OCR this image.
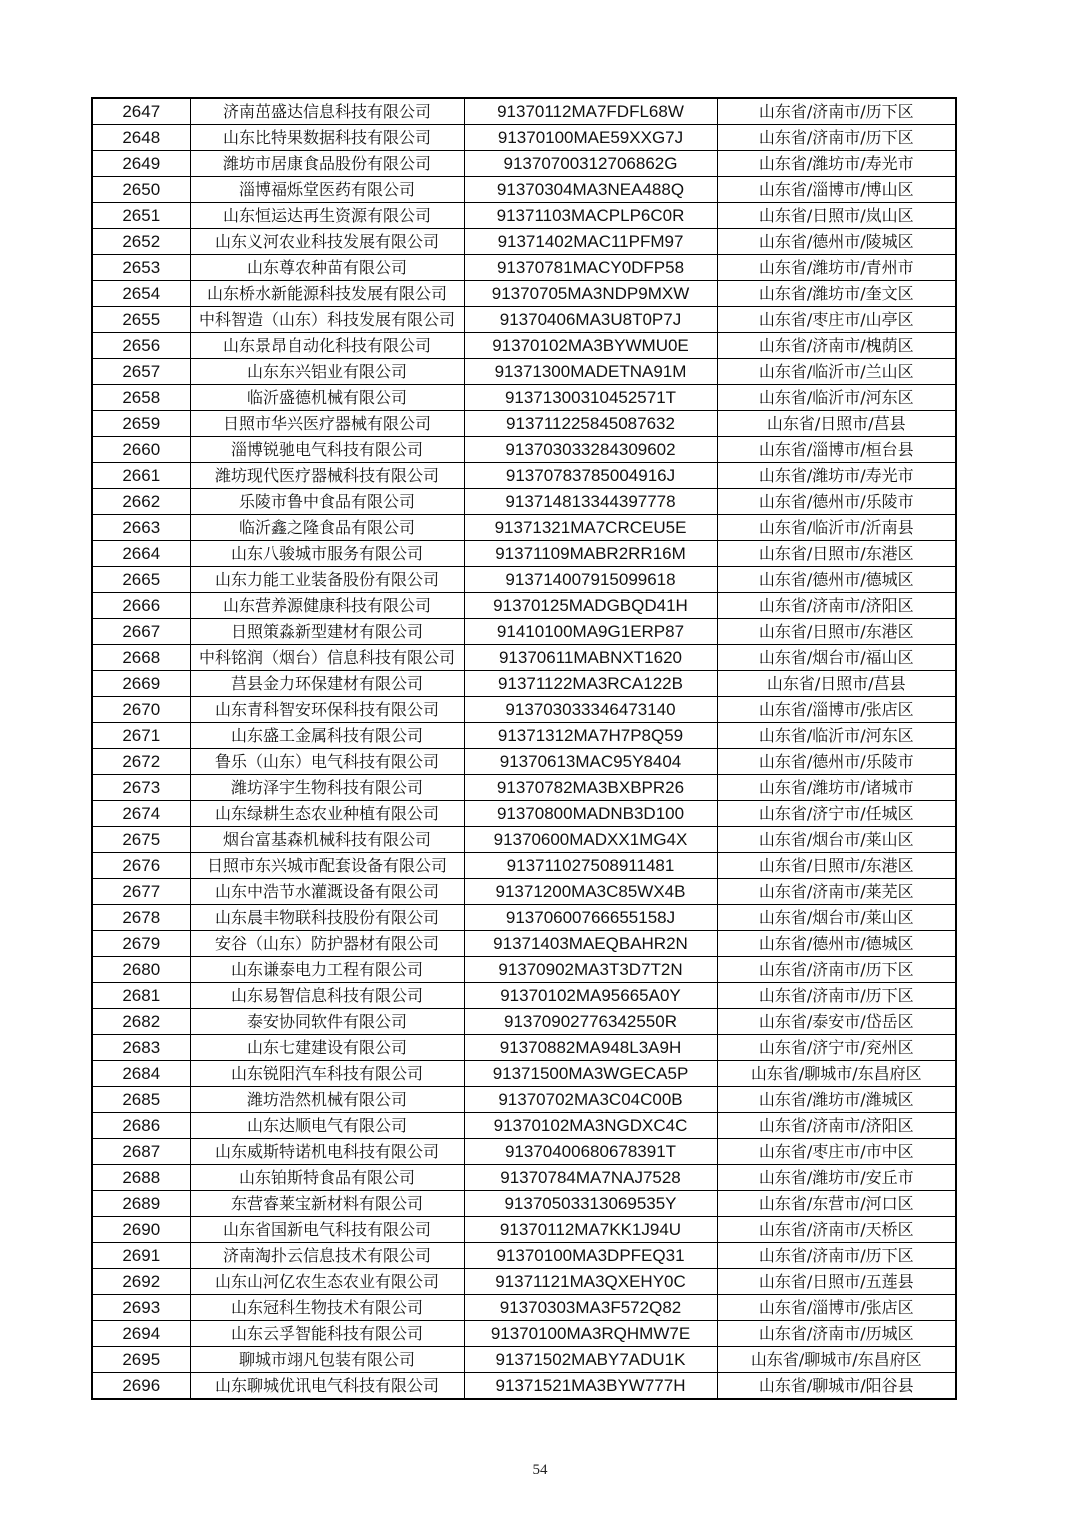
2647	济南茁盛达信息科技有限公司	91370112MA7FDFL68W	山东省/济南市/历下区
2648	山东比特果数据科技有限公司	91370100MAE59XXG7J	山东省/济南市/历下区
2649	潍坊市居康食品股份有限公司	91370700312706862G	山东省/潍坊市/寿光市
2650	淄博福烁堂医药有限公司	91370304MA3NEA488Q	山东省/淄博市/博山区
2651	山东恒运达再生资源有限公司	91371103MACPLP6C0R	山东省/日照市/岚山区
2652	山东义河农业科技发展有限公司	91371402MAC11PFM97	山东省/德州市/陵城区
2653	山东尊农种苗有限公司	91370781MACY0DFP58	山东省/潍坊市/青州市
2654	山东桥水新能源科技发展有限公司	91370705MA3NDP9MXW	山东省/潍坊市/奎文区
2655	中科智造（山东）科技发展有限公司	91370406MA3U8T0P7J	山东省/枣庄市/山亭区
2656	山东景昂自动化科技有限公司	91370102MA3BYWMU0E	山东省/济南市/槐荫区
2657	山东东兴铝业有限公司	91371300MADETNA91M	山东省/临沂市/兰山区
2658	临沂盛德机械有限公司	91371300310452571T	山东省/临沂市/河东区
2659	日照市华兴医疗器械有限公司	913711225845087632	山东省/日照市/莒县
2660	淄博锐驰电气科技有限公司	913703033284309602	山东省/淄博市/桓台县
2661	潍坊现代医疗器械科技有限公司	91370783785004916J	山东省/潍坊市/寿光市
2662	乐陵市鲁中食品有限公司	913714813344397778	山东省/德州市/乐陵市
2663	临沂鑫之隆食品有限公司	91371321MA7CRCEU5E	山东省/临沂市/沂南县
2664	山东八骏城市服务有限公司	91371109MABR2RR16M	山东省/日照市/东港区
2665	山东力能工业装备股份有限公司	913714007915099618	山东省/德州市/德城区
2666	山东营养源健康科技有限公司	91370125MADGBQD41H	山东省/济南市/济阳区
2667	日照策淼新型建材有限公司	91410100MA9G1ERP87	山东省/日照市/东港区
2668	中科铭润（烟台）信息科技有限公司	91370611MABNXT1620	山东省/烟台市/福山区
2669	莒县金力环保建材有限公司	91371122MA3RCA122B	山东省/日照市/莒县
2670	山东青科智安环保科技有限公司	913703033346473140	山东省/淄博市/张店区
2671	山东盛工金属科技有限公司	91371312MA7H7P8Q59	山东省/临沂市/河东区
2672	鲁乐（山东）电气科技有限公司	91370613MAC95Y8404	山东省/德州市/乐陵市
2673	潍坊泽宇生物科技有限公司	91370782MA3BXBPR26	山东省/潍坊市/诸城市
2674	山东绿耕生态农业种植有限公司	91370800MADNB3D100	山东省/济宁市/任城区
2675	烟台富基森机械科技有限公司	91370600MADXX1MG4X	山东省/烟台市/莱山区
2676	日照市东兴城市配套设备有限公司	913711027508911481	山东省/日照市/东港区
2677	山东中浩节水灌溉设备有限公司	91371200MA3C85WX4B	山东省/济南市/莱芜区
2678	山东晨丰物联科技股份有限公司	91370600766655158J	山东省/烟台市/莱山区
2679	安谷（山东）防护器材有限公司	91371403MAEQBAHR2N	山东省/德州市/德城区
2680	山东谦泰电力工程有限公司	91370902MA3T3D7T2N	山东省/济南市/历下区
2681	山东易智信息科技有限公司	91370102MA95665A0Y	山东省/济南市/历下区
2682	泰安协同软件有限公司	91370902776342550R	山东省/泰安市/岱岳区
2683	山东七建建设有限公司	91370882MA948L3A9H	山东省/济宁市/兖州区
2684	山东锐阳汽车科技有限公司	91371500MA3WGECA5P	山东省/聊城市/东昌府区
2685	潍坊浩然机械有限公司	91370702MA3C04C00B	山东省/潍坊市/潍城区
2686	山东达顺电气有限公司	91370102MA3NGDXC4C	山东省/济南市/济阳区
2687	山东威斯特诺机电科技有限公司	91370400680678391T	山东省/枣庄市/市中区
2688	山东铂斯特食品有限公司	91370784MA7NAJ7528	山东省/潍坊市/安丘市
2689	东营睿莱宝新材料有限公司	91370503313069535Y	山东省/东营市/河口区
2690	山东省国新电气科技有限公司	91370112MA7KK1J94U	山东省/济南市/天桥区
2691	济南淘扑云信息技术有限公司	91370100MA3DPFEQ31	山东省/济南市/历下区
2692	山东山河亿农生态农业有限公司	91371121MA3QXEHY0C	山东省/日照市/五莲县
2693	山东冠科生物技术有限公司	91370303MA3F572Q82	山东省/淄博市/张店区
2694	山东云孚智能科技有限公司	91370100MA3RQHMW7E	山东省/济南市/历城区
2695	聊城市翊凡包装有限公司	91371502MABY7ADU1K	山东省/聊城市/东昌府区
2696	山东聊城优讯电气科技有限公司	91371521MA3BYW777H	山东省/聊城市/阳谷县
54
